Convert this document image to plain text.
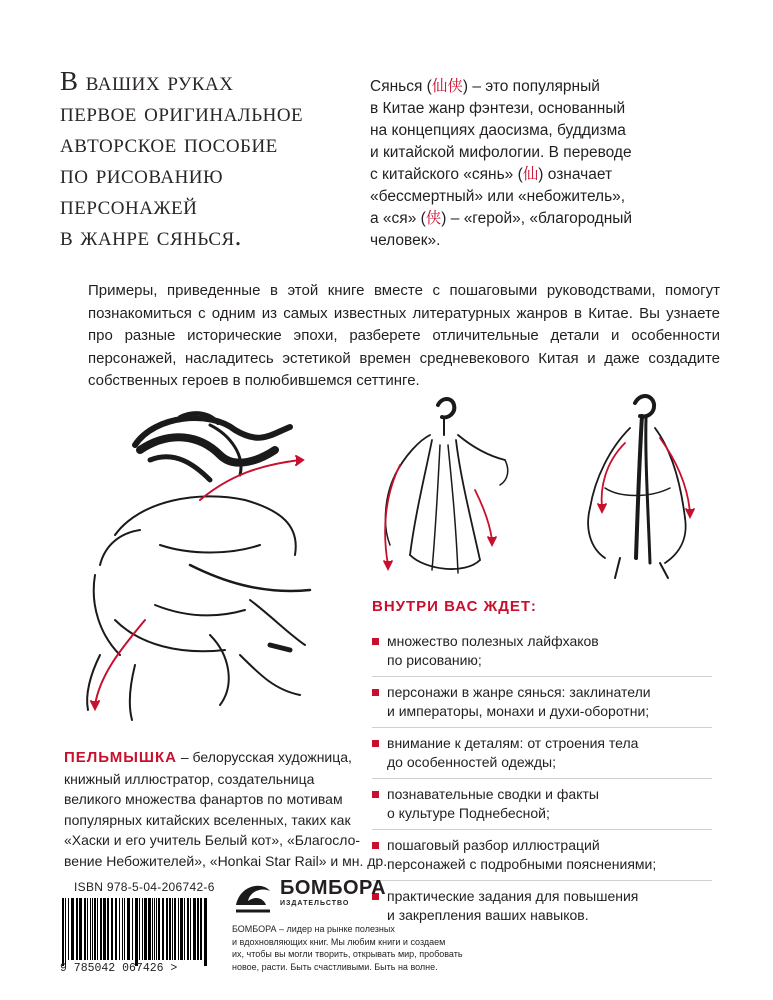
В ваших руках
первое оригинальное
авторское пособие
по рисованию
персонажей
в жанре сянься.
Сянься (仙侠) – это популярный
в Китае жанр фэнтези, основанный
на концепциях даосизма, буддизма
и китайской мифологии. В переводе
с китайского «сянь» (仙) означает
«бессмертный» или «небожитель»,
а «ся» (侠) – «герой», «благородный
человек».
Примеры, приведенные в этой книге вместе с пошаговыми руководствами, помогут
познакомиться с одним из самых известных литературных жанров в Китае. Вы узнаете
про разные исторические эпохи, разберете отличительные детали и особенности
персонажей, насладитесь эстетикой времен средневекового Китая и даже создадите
собственных героев в полюбившемся сеттинге.
ВНУТРИ ВАС ЖДЕТ:
множество полезных лайфхаков
по рисованию;
персонажи в жанре сянься: заклинатели
и императоры, монахи и духи-оборотни;
внимание к деталям: от строения тела
до особенностей одежды;
познавательные сводки и факты
о культуре Поднебесной;
пошаговый разбор иллюстраций
персонажей с подробными пояснениями;
практические задания для повышения
и закрепления ваших навыков.
ПЕЛЬМЫШКА – белорусская художница,
книжный иллюстратор, создательница
великого множества фанартов по мотивам
популярных китайских вселенных, таких как
«Хаски и его учитель Белый кот», «Благосло-
вение Небожителей», «Honkai Star Rail» и мн. др.
ISBN 978-5-04-206742-6
9 785042 067426 >
БОМБОРА
ИЗДАТЕЛЬСТВО
БОМБОРА – лидер на рынке полезных
и вдохновляющих книг. Мы любим книги и создаем
их, чтобы вы могли творить, открывать мир, пробовать
новое, расти. Быть счастливыми. Быть на волне.
